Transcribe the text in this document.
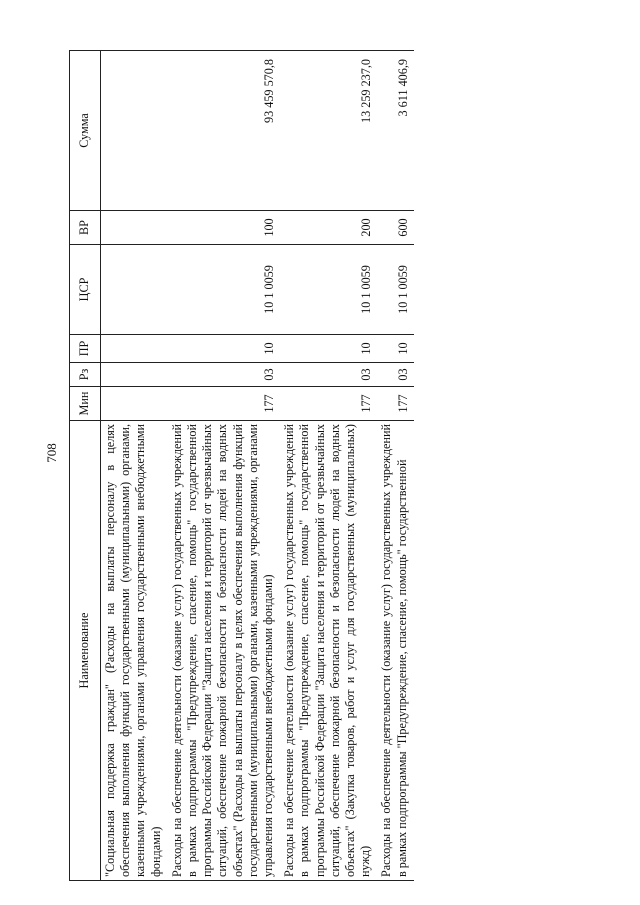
708
Наименование	Мин	Рз	ПР	ЦСР	ВР	Сумма
"Социальная поддержка граждан" (Расходы на выплаты персоналу в целях обеспечения выполнения функций государственными (муниципальными) органами, казенными учреждениями, органами управления государственными внебюджетными фондами)						
Расходы на обеспечение деятельности (оказание услуг) государственных учреждений в рамках подпрограммы "Предупреждение, спасение, помощь" государственной программы Российской Федерации "Защита населения и территорий от чрезвычайных ситуаций, обеспечение пожарной безопасности и безопасности людей на водных объектах" (Расходы на выплаты персоналу в целях обеспечения выполнения функций государственными (муниципальными) органами, казенными учреждениями, органами управления государственными внебюджетными фондами)	177	03	10	10 1 0059	100	93 459 570,8
Расходы на обеспечение деятельности (оказание услуг) государственных учреждений в рамках подпрограммы "Предупреждение, спасение, помощь" государственной программы Российской Федерации "Защита населения и территорий от чрезвычайных ситуаций, обеспечение пожарной безопасности и безопасности людей на водных объектах" (Закупка товаров, работ и услуг для государственных (муниципальных) нужд)	177	03	10	10 1 0059	200	13 259 237,0
Расходы на обеспечение деятельности (оказание услуг) государственных учреждений в рамках подпрограммы "Предупреждение, спасение, помощь" государственной	177	03	10	10 1 0059	600	3 611 406,9
